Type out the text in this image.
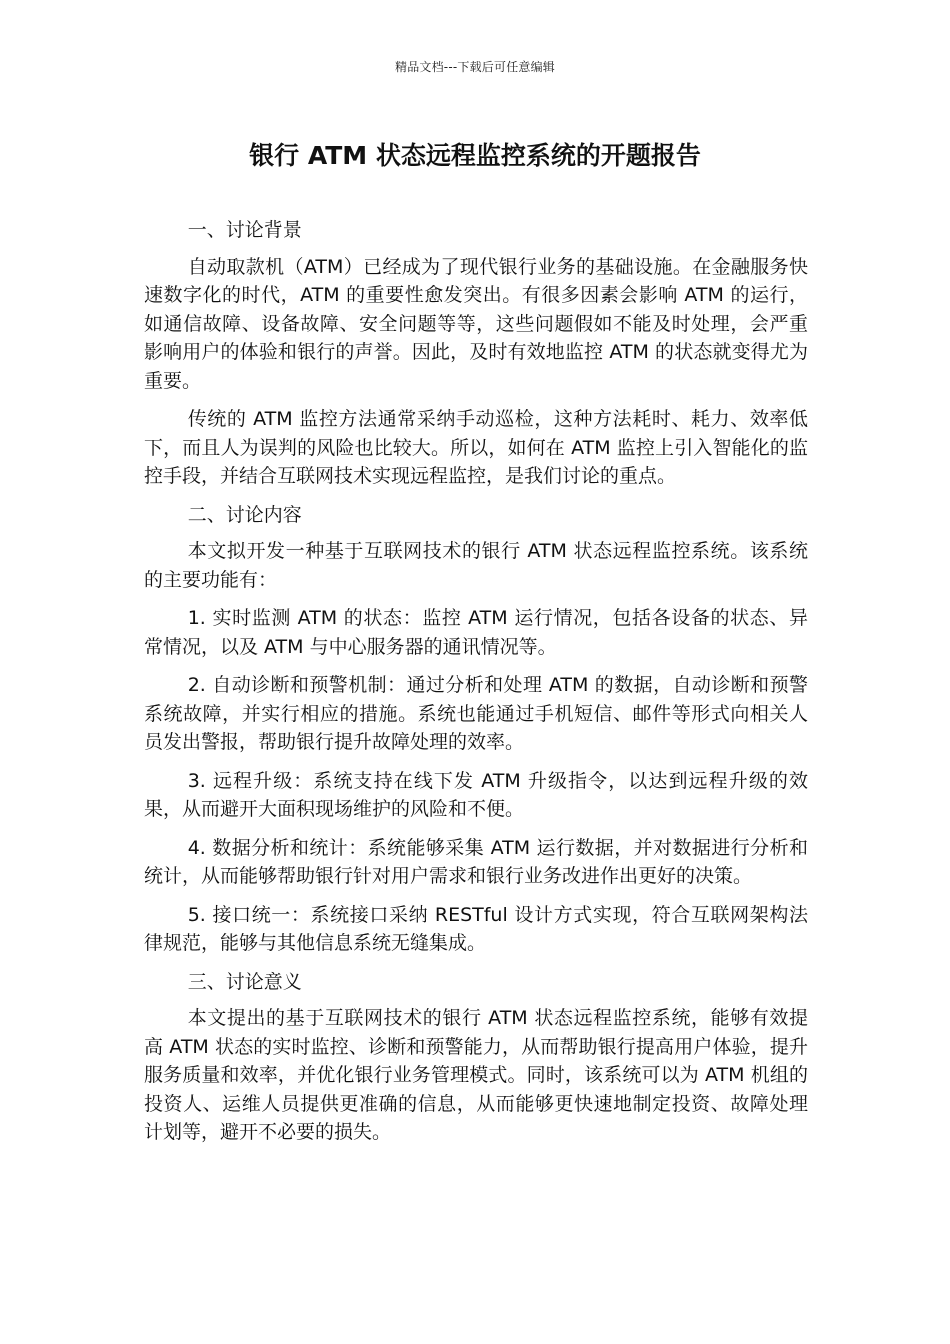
精品文档---下载后可任意编辑
银行 ATM 状态远程监控系统的开题报告

一、讨论背景

自动取款机（ATM）已经成为了现代银行业务的基础设施。在金融服务快速数字化的时代，ATM 的重要性愈发突出。有很多因素会影响 ATM 的运行，如通信故障、设备故障、安全问题等等，这些问题假如不能及时处理，会严重影响用户的体验和银行的声誉。因此，及时有效地监控 ATM 的状态就变得尤为重要。

传统的 ATM 监控方法通常采纳手动巡检，这种方法耗时、耗力、效率低下，而且人为误判的风险也比较大。所以，如何在 ATM 监控上引入智能化的监控手段，并结合互联网技术实现远程监控，是我们讨论的重点。

二、讨论内容

本文拟开发一种基于互联网技术的银行 ATM 状态远程监控系统。该系统的主要功能有：

1. 实时监测 ATM 的状态：监控 ATM 运行情况，包括各设备的状态、异常情况，以及 ATM 与中心服务器的通讯情况等。

2. 自动诊断和预警机制：通过分析和处理 ATM 的数据，自动诊断和预警系统故障，并实行相应的措施。系统也能通过手机短信、邮件等形式向相关人员发出警报，帮助银行提升故障处理的效率。

3. 远程升级：系统支持在线下发 ATM 升级指令，以达到远程升级的效果，从而避开大面积现场维护的风险和不便。

4. 数据分析和统计：系统能够采集 ATM 运行数据，并对数据进行分析和统计，从而能够帮助银行针对用户需求和银行业务改进作出更好的决策。

5. 接口统一：系统接口采纳 RESTful 设计方式实现，符合互联网架构法律规范，能够与其他信息系统无缝集成。

三、讨论意义

本文提出的基于互联网技术的银行 ATM 状态远程监控系统，能够有效提高 ATM 状态的实时监控、诊断和预警能力，从而帮助银行提高用户体验，提升服务质量和效率，并优化银行业务管理模式。同时，该系统可以为 ATM 机组的投资人、运维人员提供更准确的信息，从而能够更快速地制定投资、故障处理计划等，避开不必要的损失。
